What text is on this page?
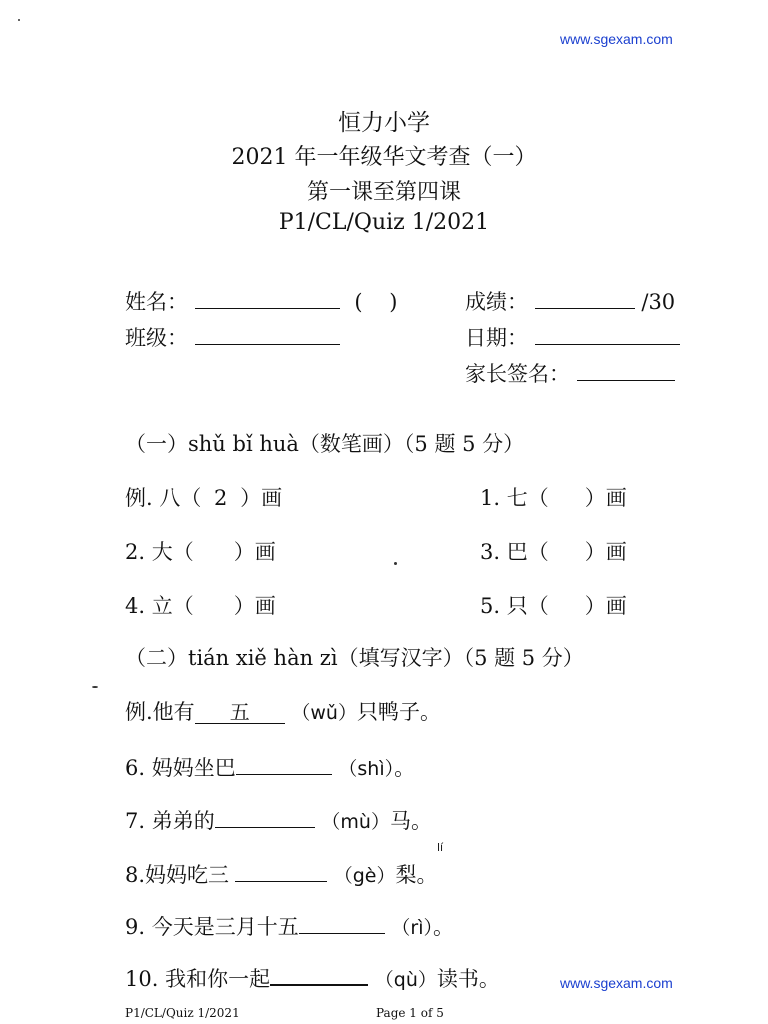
www.sgexam.com
www.sgexam.com
恒力小学
2021 年一年级华文考查（一）
第一课至第四课
P1/CL/Quiz 1/2021
姓名：	(    )	成绩：	/30
班级：	日期：
家长签名：
（一）shǔ bǐ huà（数笔画）（5 题 5 分）
例. 八（ 2 ）画	1. 七（ ）画
2. 大（ ）画	3. 巴（ ）画
4. 立（ ）画	5. 只（ ）画
（二）tián xiě hàn zì（填写汉字）（5 题 5 分）
例.他有 五 （wǔ）只鸭子。
6. 妈妈坐巴	（shì）。
7. 弟弟的	（mù）马。
lí
8.妈妈吃三	（gè）梨。
9. 今天是三月十五	（rì）。
10. 我和你一起	（qù）读书。
P1/CL/Quiz 1/2021	Page 1 of 5
